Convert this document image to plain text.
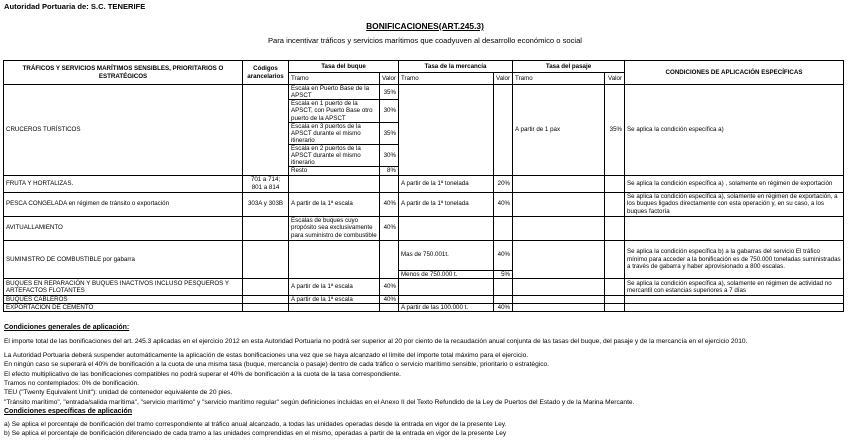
Autoridad Portuaria de: S.C. TENERIFE
BONIFICACIONES(ART.245.3)
Para incentivar tráficos y servicios marítimos que coadyuven al desarrollo económico o social
TRÁFICOS Y SERVICIOS MARÍTIMOS SENSIBLES, PRIORITARIOS O ESTRATÉGICOS	Códigos arancelarios	Tasa del buque		Tasa de la mercancía		Tasa del pasaje		CONDICIONES DE APLICACIÓN ESPECÍFICAS
		Tramo	Valor	Tramo	Valor	Tramo	Valor	
CRUCEROS TURÍSTICOS		Escala en Puerto Base de la APSCT	35%			A partir de 1 pax	35%	Se aplica la condición específica a)
		Escala en 1 puerto de la APSCT, con Puerto Base otro puerto de la APSCT	30%					
		Escala en 3 puertos de la APSCT durante el mismo itinerario	35%					
		Escala en 2 puertos de la APSCT durante el mismo itinerario	30%					
		Resto	8%					
FRUTA Y HORTALIZAS.	701 a 714; 801 a 814			A partir de la 1ª tonelada	20%			Se aplica la condición específica a) , solamente en régimen de exportación
PESCA CONGELADA en régimen de tránsito o exportación	303A y 303B	A partir de la 1ª escala	40%	A partir de la 1ª tonelada	40%			Se aplica la condición específica a), solamente en régimen de exportación, a los buques ligados directamente con esta operación y, en su caso, a los buques factoría
AVITUALLAMIENTO		Escalas de buques cuyo propósito sea exclusivamente para suministro de combustible	40%					
SUMINISTRO DE COMBUSTIBLE por gabarra				Mas de 750.001t.	40%			Se aplica la condición específica b) a la gabarras del servicio El tráfico mínimo para acceder a la bonificación es de 750.000 toneladas suministradas a través de gabarra y haber aprovisionado a 800 escalas.
				Menos de 750.000 t.	5%			
BUQUES EN REPARACIÓN Y BUQUES INACTIVOS INCLUSO PESQUEROS Y ARTEFACTOS FLOTANTES		A partir de la 1ª escala	40%					Se aplica la condición específica a), solamente en régimen de actividad no mercantil con estancias superiores a 7 días
BUQUES CABLEROS		A partir de la 1ª escala	40%					
EXPORTACIÓN DE CEMENTO				A partir de las 100.000 t.	40%			

Condiciones generales de aplicación:

El importe total de las bonificaciones del art. 245.3 aplicadas en el ejercicio 2012 en esta Autoridad Portuaria no podrá ser superior al 20 por ciento de la recaudación anual conjunta de las tasas del buque, del pasaje y de la mercancía en el ejercicio 2010.

La Autoridad Portuaria deberá suspender automáticamente la aplicación de estas bonificaciones una vez que se haya alcanzado el límite del importe total máximo para el ejercicio.

En ningún caso se superará el 40% de bonificación a la cuota de una misma tasa (buque, mercancía o pasaje) dentro de cada tráfico o servicio marítimo sensible, prioritario o estratégico.

El efecto multiplicativo de las bonificaciones compatibles no podrá superar el 40% de bonificación a la cuota de la tasa correspondiente.

Tramos no contemplados: 0% de bonificación.

TEU ("Twenty Equivalent Unit"): unidad de contenedor equivalente de 20 pies.

"Tránsito marítimo", "entrada/salida marítima", "servicio marítimo" y "servicio marítimo regular" según definiciones incluidas en el Anexo II del Texto Refundido de la Ley de Puertos del Estado y de la Marina Mercante.

Condiciones específicas de aplicación

a) Se aplica el porcentaje de bonificación del tramo correspondiente al tráfico anual alcanzado, a todas las unidades operadas desde la entrada en vigor de la presente Ley.

b) Se aplica el porcentaje de bonificación diferenciado de cada tramo a las unidades comprendidas en el mismo, operadas a partir de la entrada en vigor de la presente Ley
